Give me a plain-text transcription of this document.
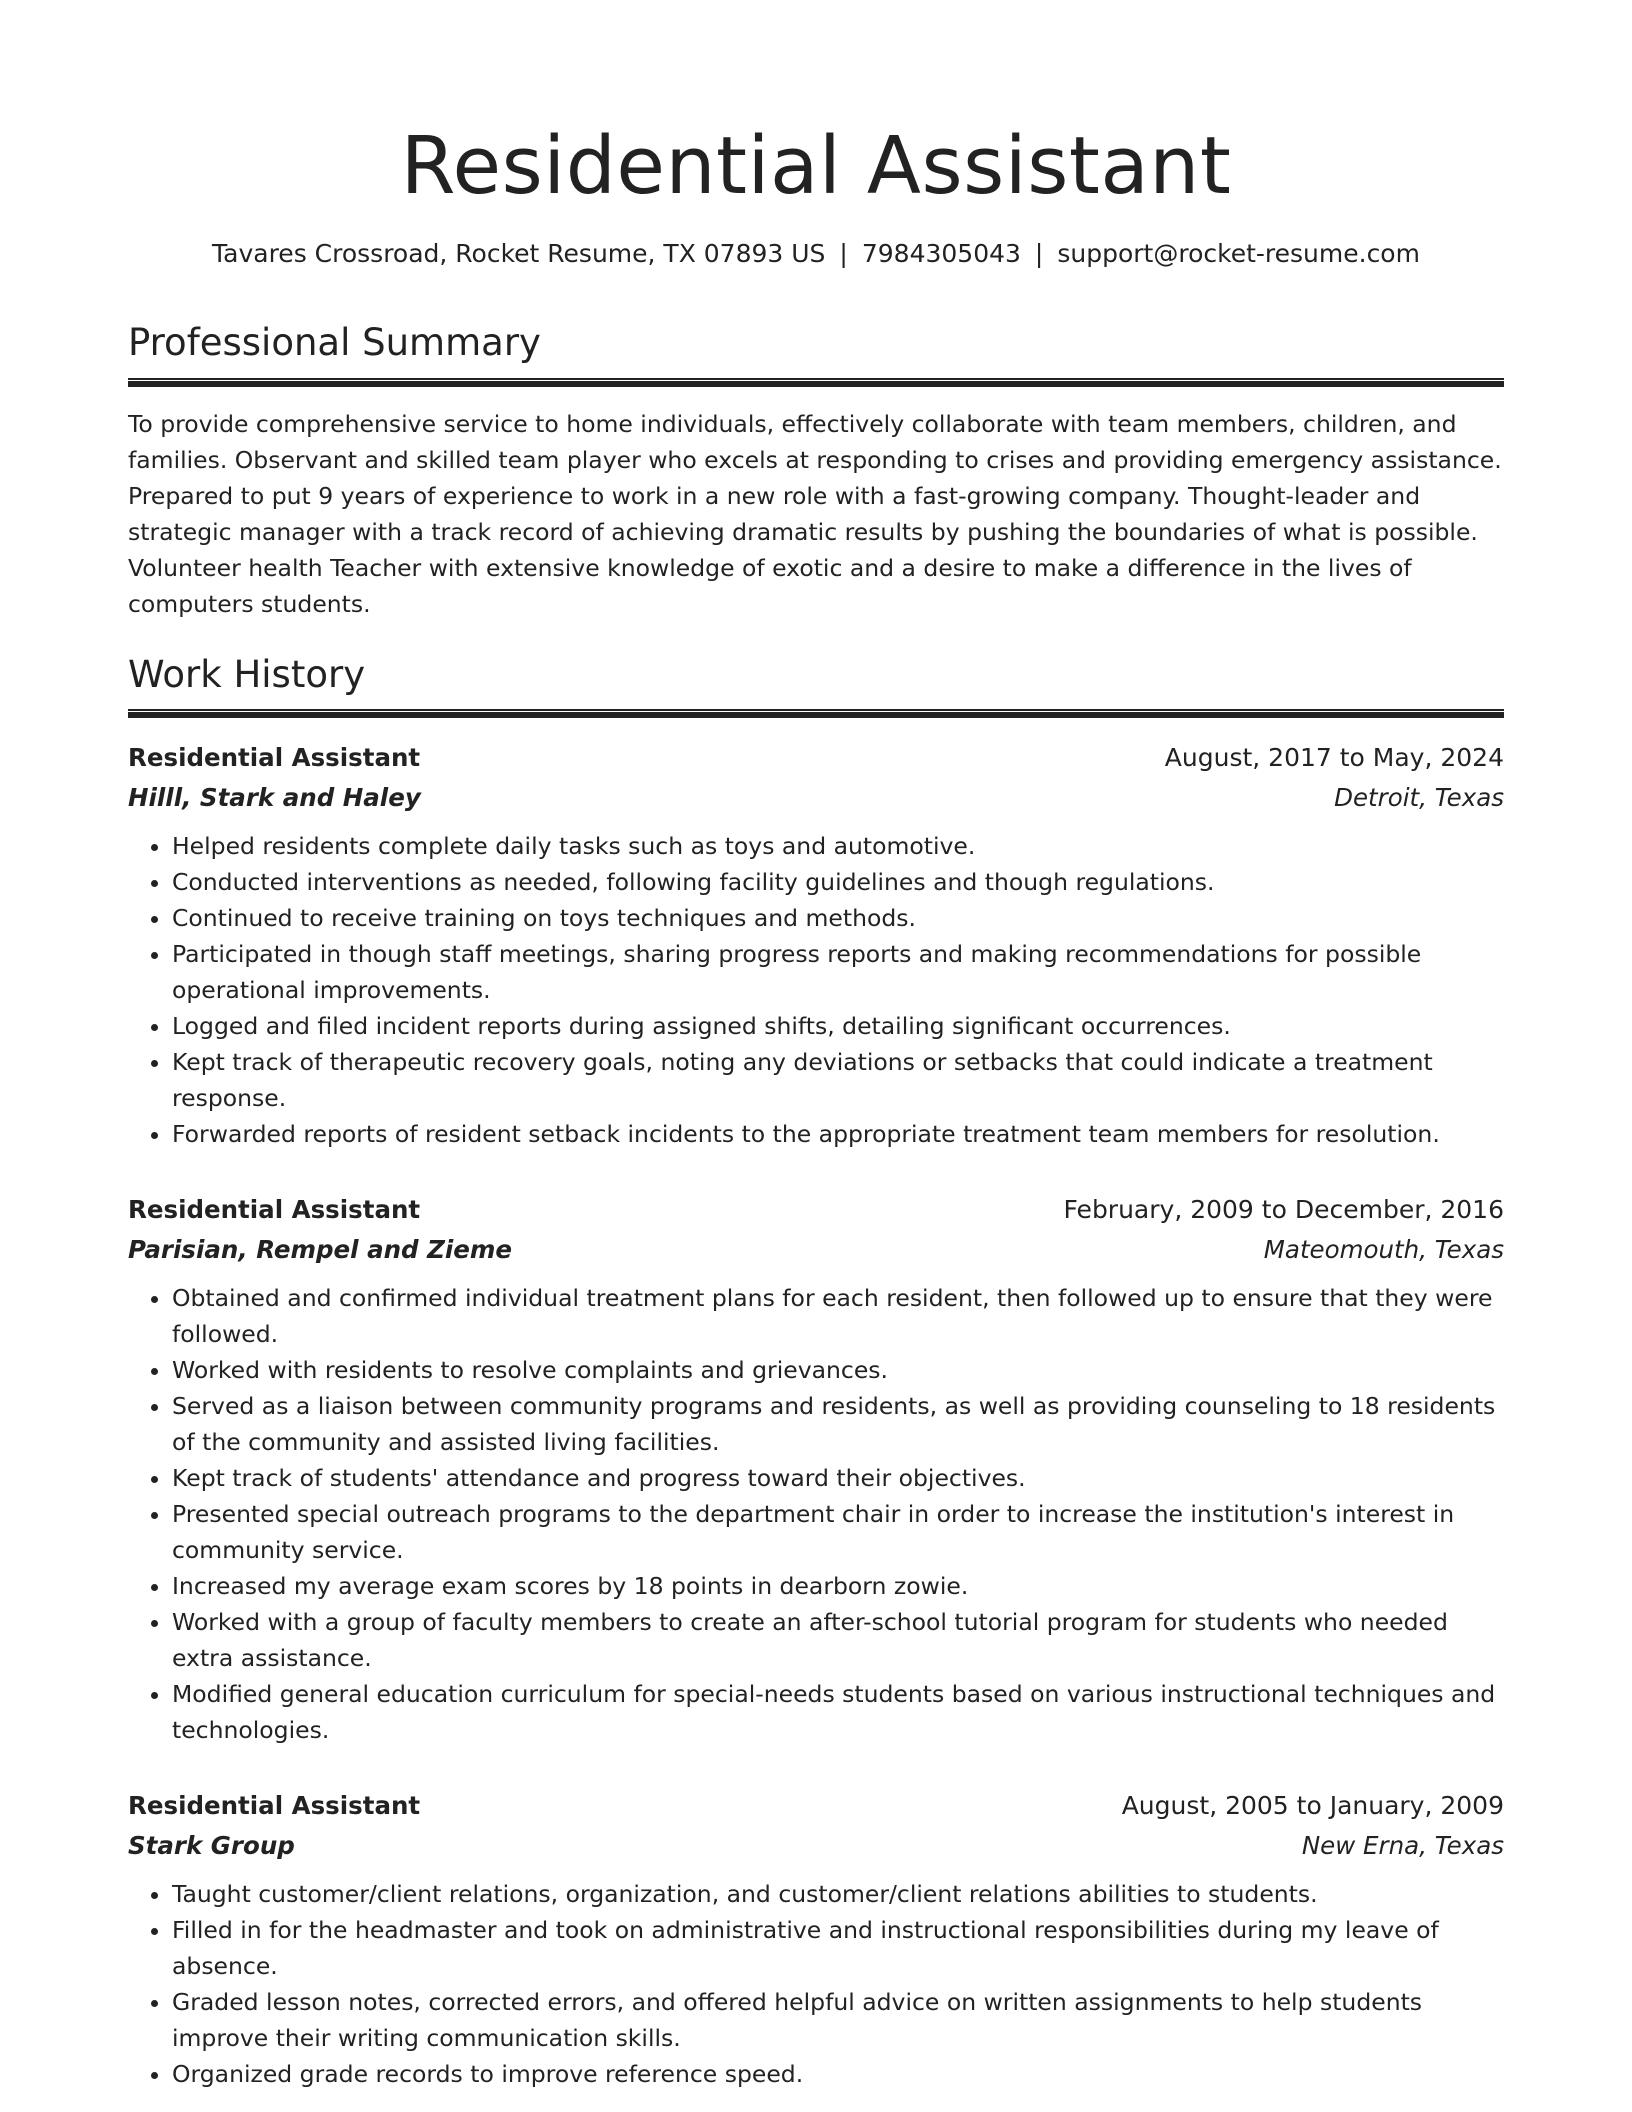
Residential Assistant
Tavares Crossroad, Rocket Resume, TX 07893 US | 7984305043 | support@rocket-resume.com
Professional Summary

To provide comprehensive service to home individuals, effectively collaborate with team members, children, and families. Observant and skilled team player who excels at responding to crises and providing emergency assistance. Prepared to put 9 years of experience to work in a new role with a fast-growing company. Thought-leader and strategic manager with a track record of achieving dramatic results by pushing the boundaries of what is possible. Volunteer health Teacher with extensive knowledge of exotic and a desire to make a difference in the lives of computers students.

Work History
Residential Assistant	August, 2017 to May, 2024
Hilll, Stark and Haley	Detroit, Texas
• Helped residents complete daily tasks such as toys and automotive.
• Conducted interventions as needed, following facility guidelines and though regulations.
• Continued to receive training on toys techniques and methods.
• Participated in though staff meetings, sharing progress reports and making recommendations for possible operational improvements.
• Logged and filed incident reports during assigned shifts, detailing significant occurrences.
• Kept track of therapeutic recovery goals, noting any deviations or setbacks that could indicate a treatment response.
• Forwarded reports of resident setback incidents to the appropriate treatment team members for resolution.
Residential Assistant	February, 2009 to December, 2016
Parisian, Rempel and Zieme	Mateomouth, Texas
• Obtained and confirmed individual treatment plans for each resident, then followed up to ensure that they were followed.
• Worked with residents to resolve complaints and grievances.
• Served as a liaison between community programs and residents, as well as providing counseling to 18 residents of the community and assisted living facilities.
• Kept track of students' attendance and progress toward their objectives.
• Presented special outreach programs to the department chair in order to increase the institution's interest in community service.
• Increased my average exam scores by 18 points in dearborn zowie.
• Worked with a group of faculty members to create an after-school tutorial program for students who needed extra assistance.
• Modified general education curriculum for special-needs students based on various instructional techniques and technologies.
Residential Assistant	August, 2005 to January, 2009
Stark Group	New Erna, Texas
• Taught customer/client relations, organization, and customer/client relations abilities to students.
• Filled in for the headmaster and took on administrative and instructional responsibilities during my leave of absence.
• Graded lesson notes, corrected errors, and offered helpful advice on written assignments to help students improve their writing communication skills.
• Organized grade records to improve reference speed.
